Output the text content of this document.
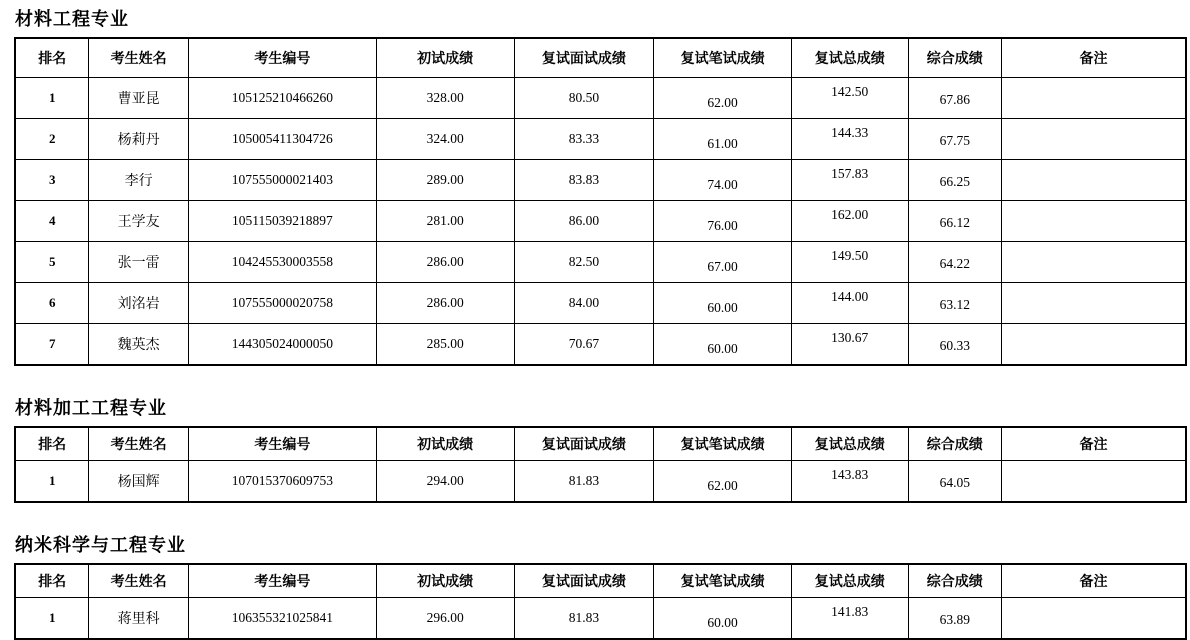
材料工程专业
排名	考生姓名	考生编号	初试成绩	复试面试成绩	复试笔试成绩	复试总成绩	综合成绩	备注
1	曹亚昆	105125210466260	328.00	80.50	62.00	142.50	67.86	
2	杨莉丹	105005411304726	324.00	83.33	61.00	144.33	67.75	
3	李行	107555000021403	289.00	83.83	74.00	157.83	66.25	
4	王学友	105115039218897	281.00	86.00	76.00	162.00	66.12	
5	张一雷	104245530003558	286.00	82.50	67.00	149.50	64.22	
6	刘洺岩	107555000020758	286.00	84.00	60.00	144.00	63.12	
7	魏英杰	144305024000050	285.00	70.67	60.00	130.67	60.33	
材料加工工程专业
排名	考生姓名	考生编号	初试成绩	复试面试成绩	复试笔试成绩	复试总成绩	综合成绩	备注
1	杨国辉	107015370609753	294.00	81.83	62.00	143.83	64.05	
纳米科学与工程专业
排名	考生姓名	考生编号	初试成绩	复试面试成绩	复试笔试成绩	复试总成绩	综合成绩	备注
1	蒋里科	106355321025841	296.00	81.83	60.00	141.83	63.89	
